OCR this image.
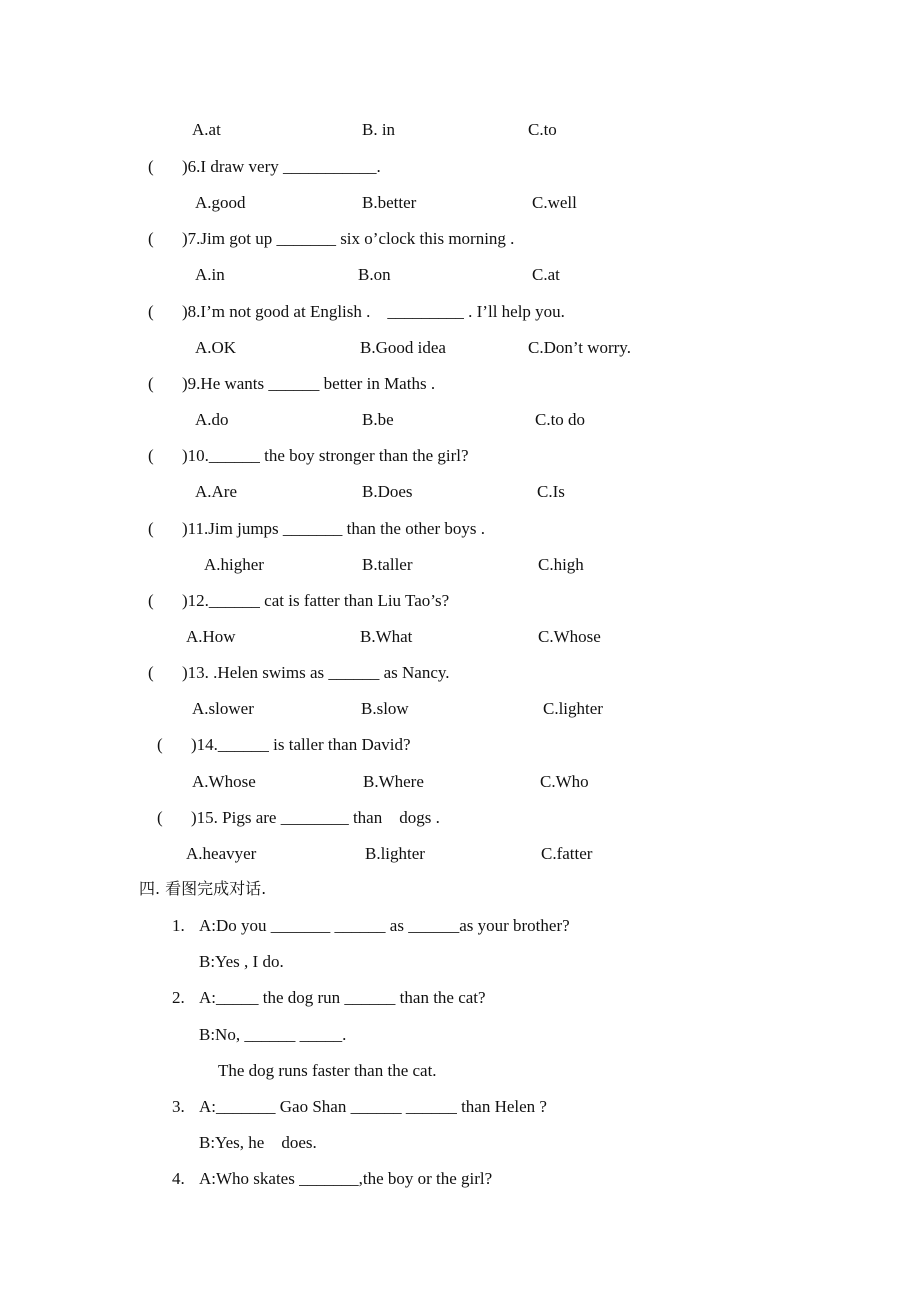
A.at	B. in	C.to
( )6.I draw very ___________.
A.good	B.better	C.well
( )7.Jim got up _______ six o’clock this morning .
A.in	B.on	C.at
( )8.I’m not good at English .    _________ . I’ll help you.
A.OK	B.Good idea	C.Don’t worry.
( )9.He wants ______ better in Maths .
A.do	B.be	C.to do
( )10.______ the boy stronger than the girl?
A.Are	B.Does	C.Is
( )11.Jim jumps _______ than the other boys .
A.higher	B.taller	C.high
( )12.______ cat is fatter than Liu Tao’s?
A.How	B.What	C.Whose
( )13. .Helen swims as ______ as Nancy.
A.slower	B.slow	C.lighter
( )14.______ is taller than David?
A.Whose	B.Where	C.Who
( )15. Pigs are ________ than    dogs .
A.heavyer	B.lighter	C.fatter
四. 看图完成对话.
1. A:Do you _______ ______ as ______as your brother?
B:Yes , I do.
2. A:_____ the dog run ______ than the cat?
B:No, ______ _____.
The dog runs faster than the cat.
3. A:_______ Gao Shan ______ ______ than Helen ?
B:Yes, he    does.
4. A:Who skates _______,the boy or the girl?
